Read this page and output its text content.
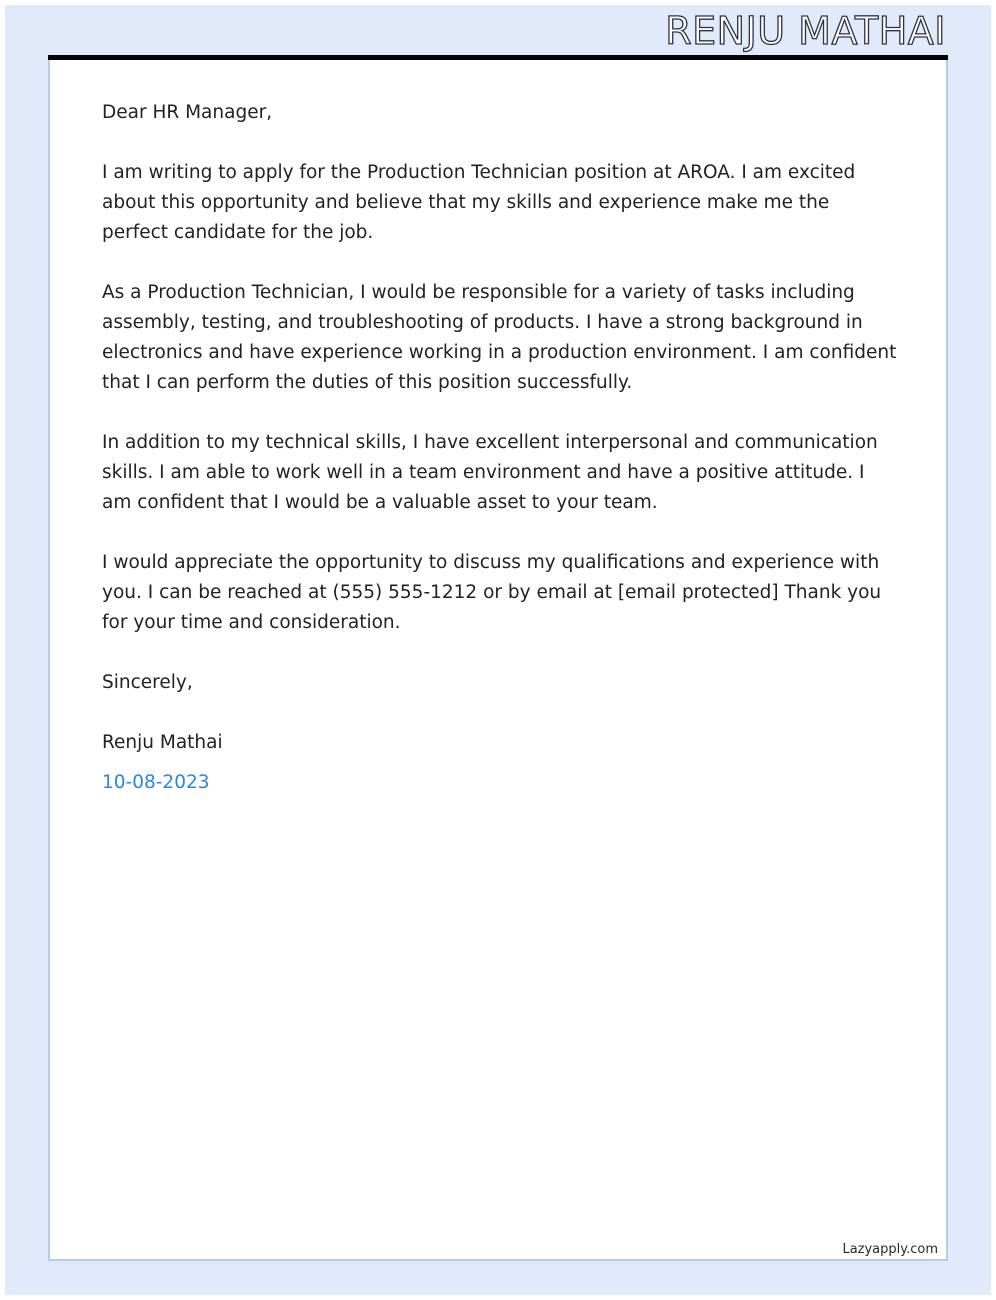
RENJU MATHAI

Dear HR Manager,

I am writing to apply for the Production Technician position at AROA. I am excited about this opportunity and believe that my skills and experience make me the perfect candidate for the job.

As a Production Technician, I would be responsible for a variety of tasks including assembly, testing, and troubleshooting of products. I have a strong background in electronics and have experience working in a production environment. I am confident that I can perform the duties of this position successfully.

In addition to my technical skills, I have excellent interpersonal and communication skills. I am able to work well in a team environment and have a positive attitude. I am confident that I would be a valuable asset to your team.

I would appreciate the opportunity to discuss my qualifications and experience with you. I can be reached at (555) 555-1212 or by email at [email protected] Thank you for your time and consideration.

Sincerely,

Renju Mathai

10-08-2023

Lazyapply.com
